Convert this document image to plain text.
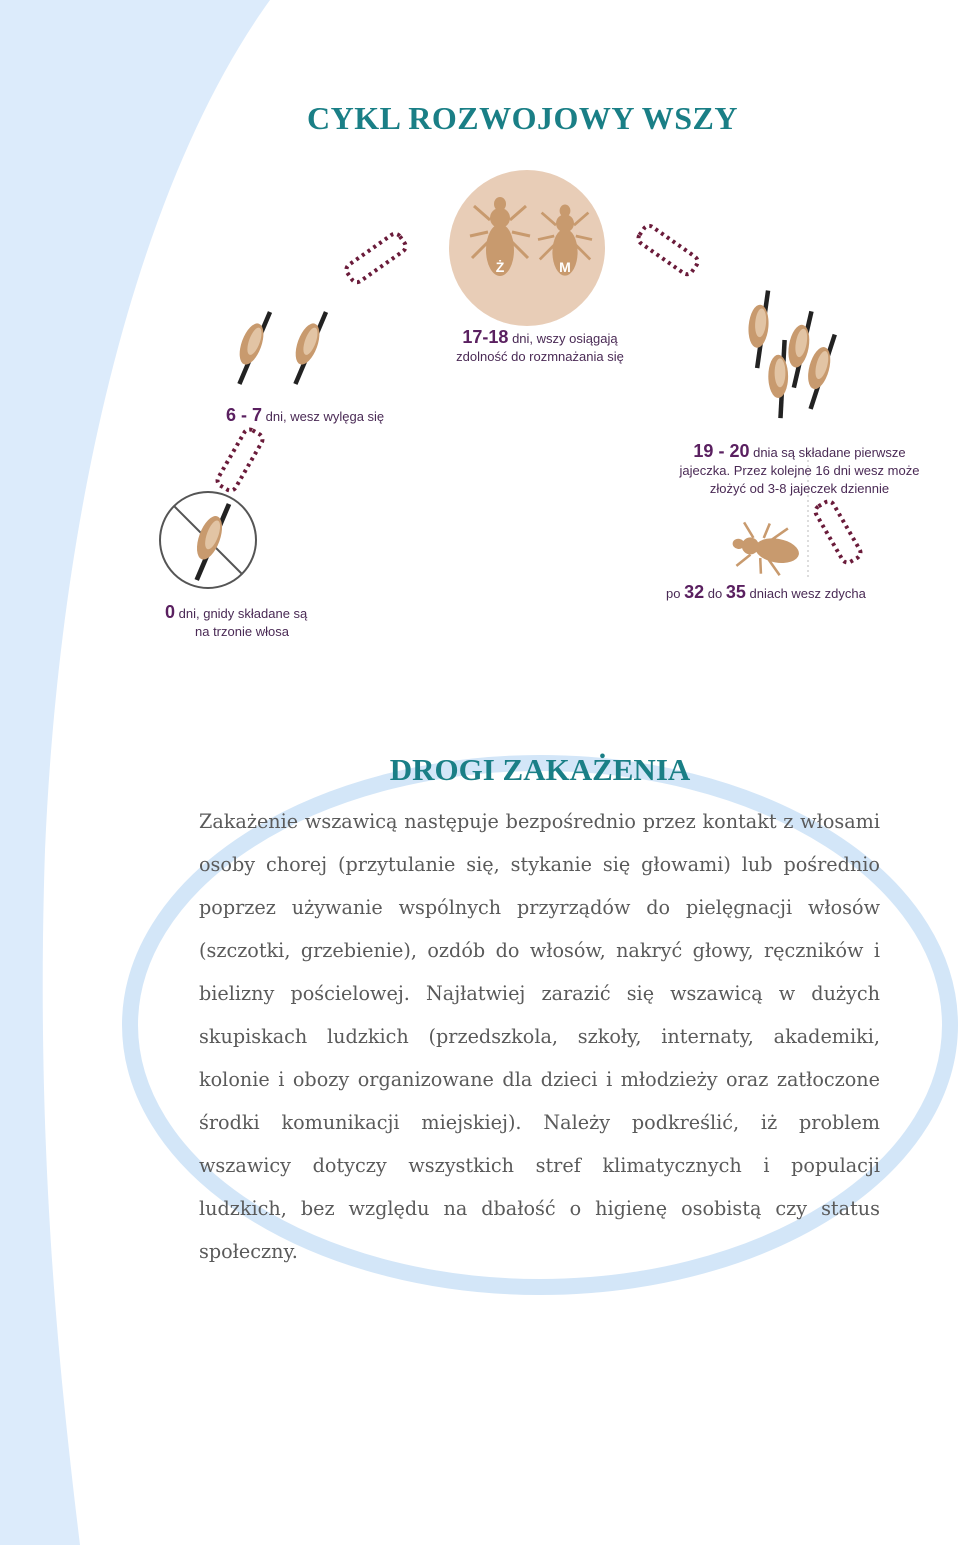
CYKL ROZWOJOWY WSZY
Ż	M
17-18 dni, wszy osiągają
zdolność do rozmnażania się
6 - 7 dni, wesz wylęga się
0 dni, gnidy składane są
na trzonie włosa
19 - 20 dnia są składane pierwsze
jajeczka. Przez kolejne 16 dni wesz może
złożyć od 3-8 jajeczek dziennie
po 32 do 35 dniach wesz zdycha
DROGI ZAKAŻENIA

Zakażenie wszawicą następuje bezpośrednio przez kontakt z włosami osoby chorej (przytulanie się, stykanie się głowami) lub pośrednio poprzez używanie wspólnych przyrządów do pielęgnacji włosów (szczotki, grzebienie), ozdób do włosów, nakryć głowy, ręczników i bielizny pościelowej. Najłatwiej zarazić się wszawicą w dużych skupiskach ludzkich (przedszkola, szkoły, internaty, akademiki, kolonie i obozy organizowane dla dzieci i młodzieży oraz zatłoczone środki komunikacji miejskiej). Należy podkreślić, iż problem wszawicy dotyczy wszystkich stref klimatycznych i populacji ludzkich, bez względu na dbałość o higienę osobistą czy status społeczny.
